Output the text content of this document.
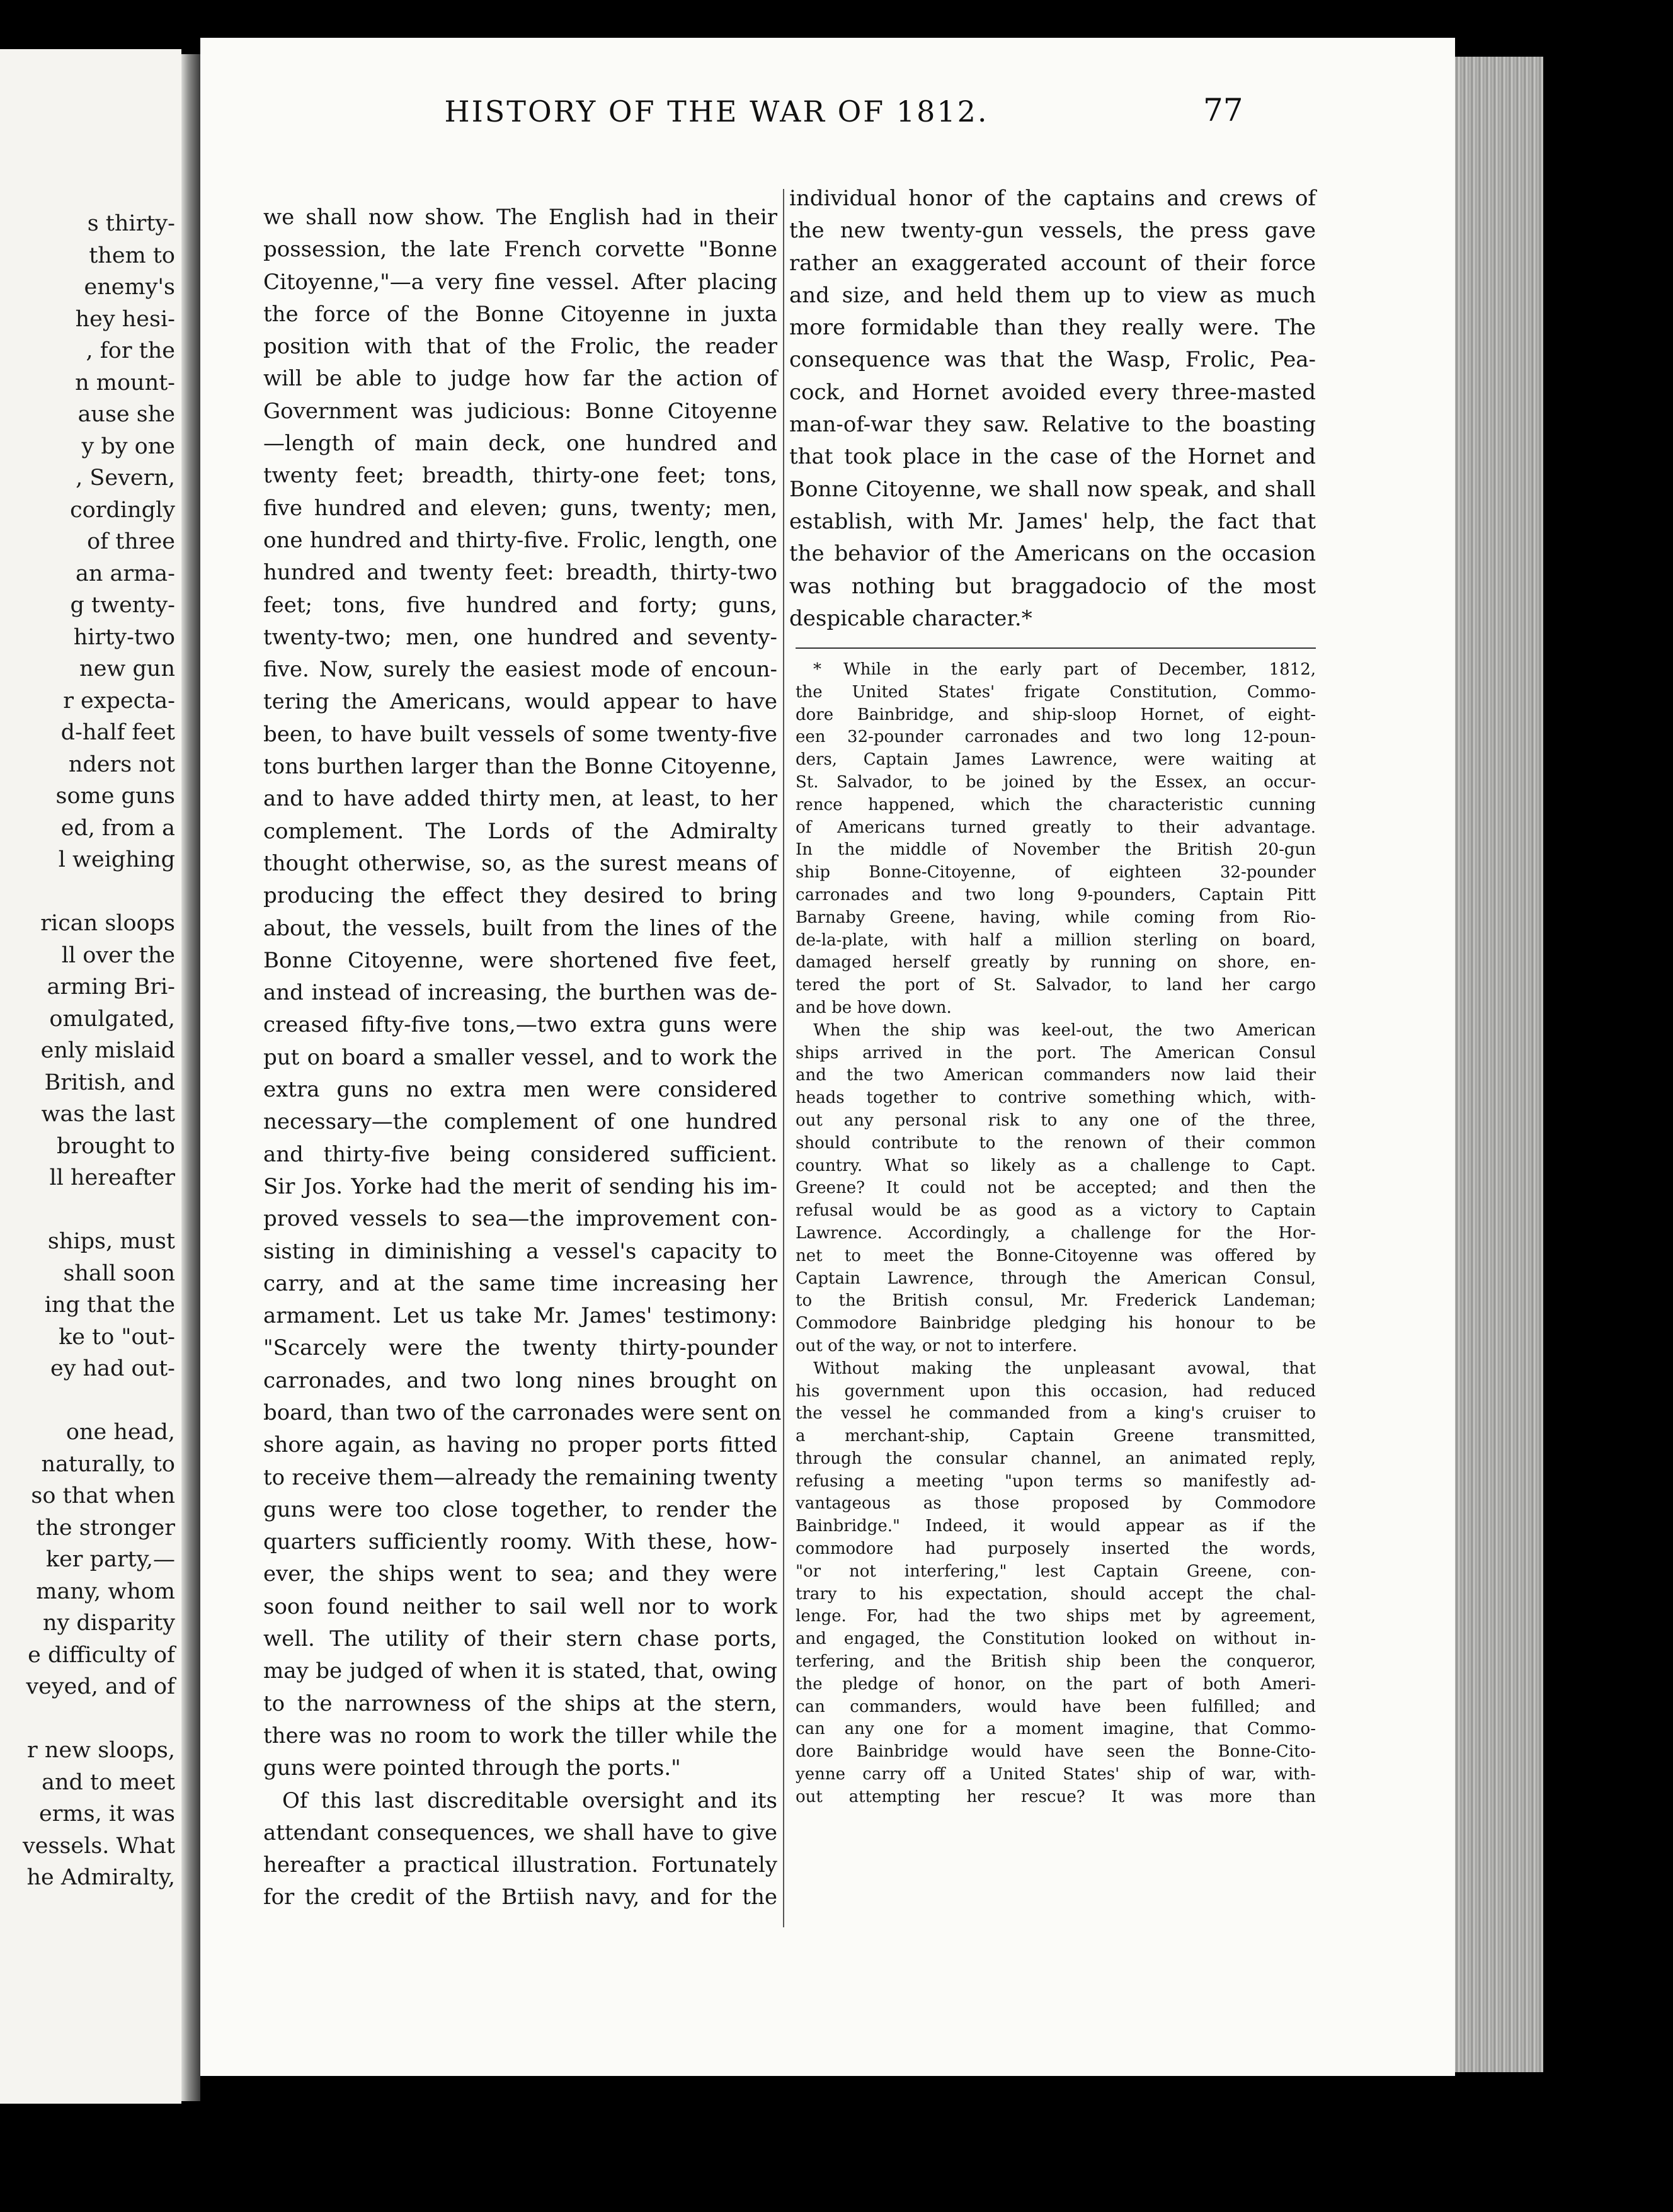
s thirty-
them to
enemy's
hey hesi-
, for the
n mount-
ause she
y by one
, Severn,
cordingly
of three
an arma-
g twenty-
hirty-two
new gun
r expecta-
d-half feet
nders not
some guns
ed, from a
l weighing
rican sloops
ll over the
arming Bri-
omulgated,
enly mislaid
British, and
was the last
brought to
ll hereafter
ships, must
shall soon
ing that the
ke to "out-
ey had out-
one head,
naturally, to
so that when
the stronger
ker party,—
many, whom
ny disparity
e difficulty of
veyed, and of
r new sloops,
and to meet
erms, it was
vessels. What
he Admiralty,
HISTORY OF THE WAR OF 1812.	77
we shall now show. The English had in their
possession, the late French corvette "Bonne
Citoyenne,"—a very fine vessel. After placing
the force of the Bonne Citoyenne in juxta
position with that of the Frolic, the reader
will be able to judge how far the action of
Government was judicious: Bonne Citoyenne
—length of main deck, one hundred and
twenty feet; breadth, thirty-one feet; tons,
five hundred and eleven; guns, twenty; men,
one hundred and thirty-five. Frolic, length, one
hundred and twenty feet: breadth, thirty-two
feet; tons, five hundred and forty; guns,
twenty-two; men, one hundred and seventy-
five. Now, surely the easiest mode of encoun-
tering the Americans, would appear to have
been, to have built vessels of some twenty-five
tons burthen larger than the Bonne Citoyenne,
and to have added thirty men, at least, to her
complement. The Lords of the Admiralty
thought otherwise, so, as the surest means of
producing the effect they desired to bring
about, the vessels, built from the lines of the
Bonne Citoyenne, were shortened five feet,
and instead of increasing, the burthen was de-
creased fifty-five tons,—two extra guns were
put on board a smaller vessel, and to work the
extra guns no extra men were considered
necessary—the complement of one hundred
and thirty-five being considered sufficient.
Sir Jos. Yorke had the merit of sending his im-
proved vessels to sea—the improvement con-
sisting in diminishing a vessel's capacity to
carry, and at the same time increasing her
armament. Let us take Mr. James' testimony:
"Scarcely were the twenty thirty-pounder
carronades, and two long nines brought on
board, than two of the carronades were sent on
shore again, as having no proper ports fitted
to receive them—already the remaining twenty
guns were too close together, to render the
quarters sufficiently roomy. With these, how-
ever, the ships went to sea; and they were
soon found neither to sail well nor to work
well. The utility of their stern chase ports,
may be judged of when it is stated, that, owing
to the narrowness of the ships at the stern,
there was no room to work the tiller while the
guns were pointed through the ports."
Of this last discreditable oversight and its
attendant consequences, we shall have to give
hereafter a practical illustration. Fortunately
for the credit of the Brtiish navy, and for the
individual honor of the captains and crews of
the new twenty-gun vessels, the press gave
rather an exaggerated account of their force
and size, and held them up to view as much
more formidable than they really were. The
consequence was that the Wasp, Frolic, Pea-
cock, and Hornet avoided every three-masted
man-of-war they saw. Relative to the boasting
that took place in the case of the Hornet and
Bonne Citoyenne, we shall now speak, and shall
establish, with Mr. James' help, the fact that
the behavior of the Americans on the occasion
was nothing but braggadocio of the most
despicable character.*
* While in the early part of December, 1812,
the United States' frigate Constitution, Commo-
dore Bainbridge, and ship-sloop Hornet, of eight-
een 32-pounder carronades and two long 12-poun-
ders, Captain James Lawrence, were waiting at
St. Salvador, to be joined by the Essex, an occur-
rence happened, which the characteristic cunning
of Americans turned greatly to their advantage.
In the middle of November the British 20-gun
ship Bonne-Citoyenne, of eighteen 32-pounder
carronades and two long 9-pounders, Captain Pitt
Barnaby Greene, having, while coming from Rio-
de-la-plate, with half a million sterling on board,
damaged herself greatly by running on shore, en-
tered the port of St. Salvador, to land her cargo
and be hove down.
When the ship was keel-out, the two American
ships arrived in the port. The American Consul
and the two American commanders now laid their
heads together to contrive something which, with-
out any personal risk to any one of the three,
should contribute to the renown of their common
country. What so likely as a challenge to Capt.
Greene? It could not be accepted; and then the
refusal would be as good as a victory to Captain
Lawrence. Accordingly, a challenge for the Hor-
net to meet the Bonne-Citoyenne was offered by
Captain Lawrence, through the American Consul,
to the British consul, Mr. Frederick Landeman;
Commodore Bainbridge pledging his honour to be
out of the way, or not to interfere.
Without making the unpleasant avowal, that
his government upon this occasion, had reduced
the vessel he commanded from a king's cruiser to
a merchant-ship, Captain Greene transmitted,
through the consular channel, an animated reply,
refusing a meeting "upon terms so manifestly ad-
vantageous as those proposed by Commodore
Bainbridge." Indeed, it would appear as if the
commodore had purposely inserted the words,
"or not interfering," lest Captain Greene, con-
trary to his expectation, should accept the chal-
lenge. For, had the two ships met by agreement,
and engaged, the Constitution looked on without in-
terfering, and the British ship been the conqueror,
the pledge of honor, on the part of both Ameri-
can commanders, would have been fulfilled; and
can any one for a moment imagine, that Commo-
dore Bainbridge would have seen the Bonne-Cito-
yenne carry off a United States' ship of war, with-
out attempting her rescue? It was more than
